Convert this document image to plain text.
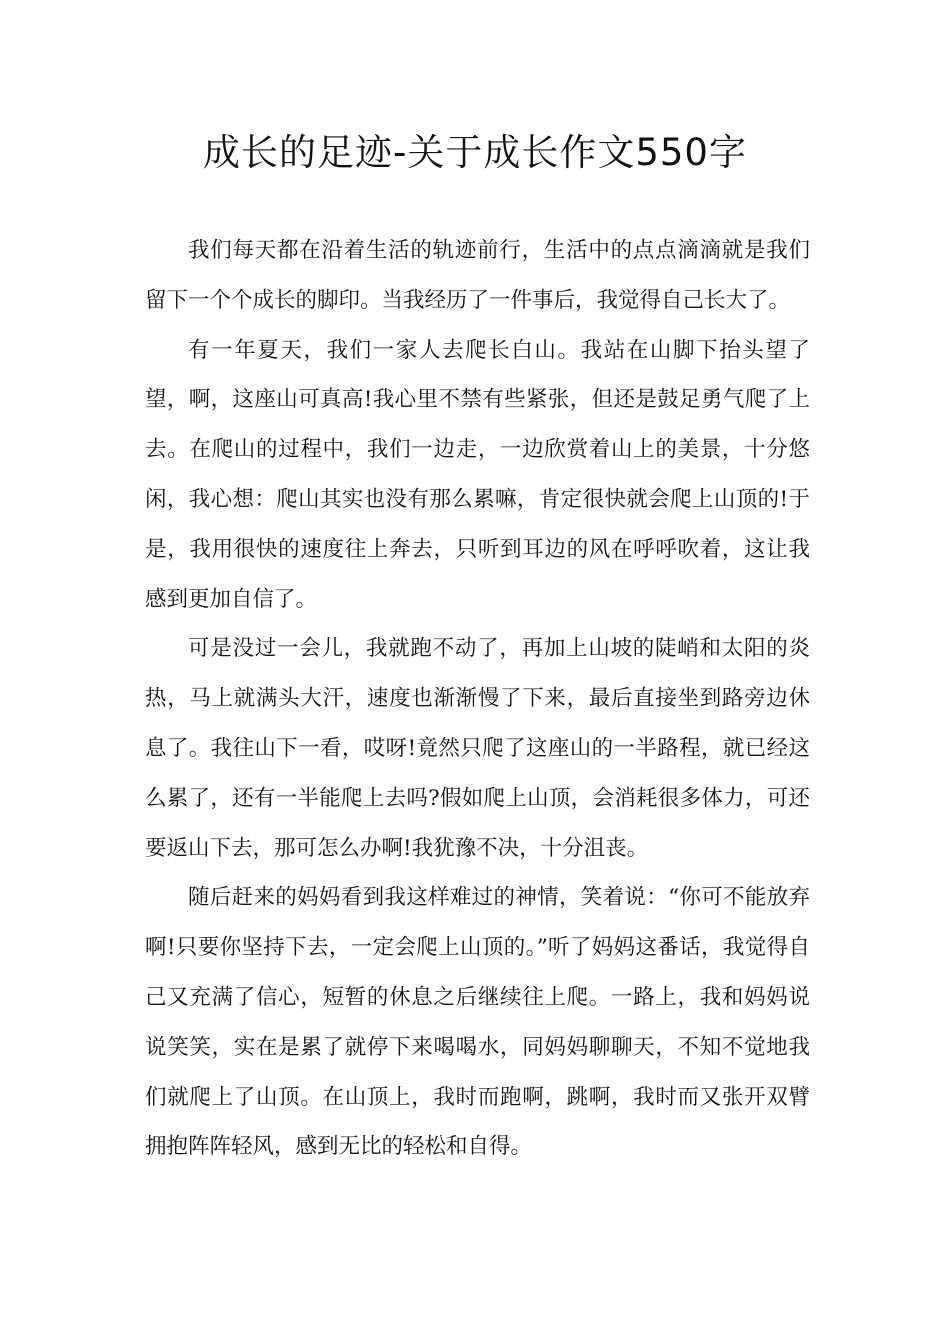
成长的足迹-关于成长作文550字

我们每天都在沿着生活的轨迹前行，生活中的点点滴滴就是我们留下一个个成长的脚印。当我经历了一件事后，我觉得自己长大了。

有一年夏天，我们一家人去爬长白山。我站在山脚下抬头望了望，啊，这座山可真高!我心里不禁有些紧张，但还是鼓足勇气爬了上去。在爬山的过程中，我们一边走，一边欣赏着山上的美景，十分悠闲，我心想：爬山其实也没有那么累嘛，肯定很快就会爬上山顶的!于是，我用很快的速度往上奔去，只听到耳边的风在呼呼吹着，这让我感到更加自信了。

可是没过一会儿，我就跑不动了，再加上山坡的陡峭和太阳的炎热，马上就满头大汗，速度也渐渐慢了下来，最后直接坐到路旁边休息了。我往山下一看，哎呀!竟然只爬了这座山的一半路程，就已经这么累了，还有一半能爬上去吗?假如爬上山顶，会消耗很多体力，可还要返山下去，那可怎么办啊!我犹豫不决，十分沮丧。

随后赶来的妈妈看到我这样难过的神情，笑着说：“你可不能放弃啊!只要你坚持下去，一定会爬上山顶的。”听了妈妈这番话，我觉得自己又充满了信心，短暂的休息之后继续往上爬。一路上，我和妈妈说说笑笑，实在是累了就停下来喝喝水，同妈妈聊聊天，不知不觉地我们就爬上了山顶。在山顶上，我时而跑啊，跳啊，我时而又张开双臂拥抱阵阵轻风，感到无比的轻松和自得。
